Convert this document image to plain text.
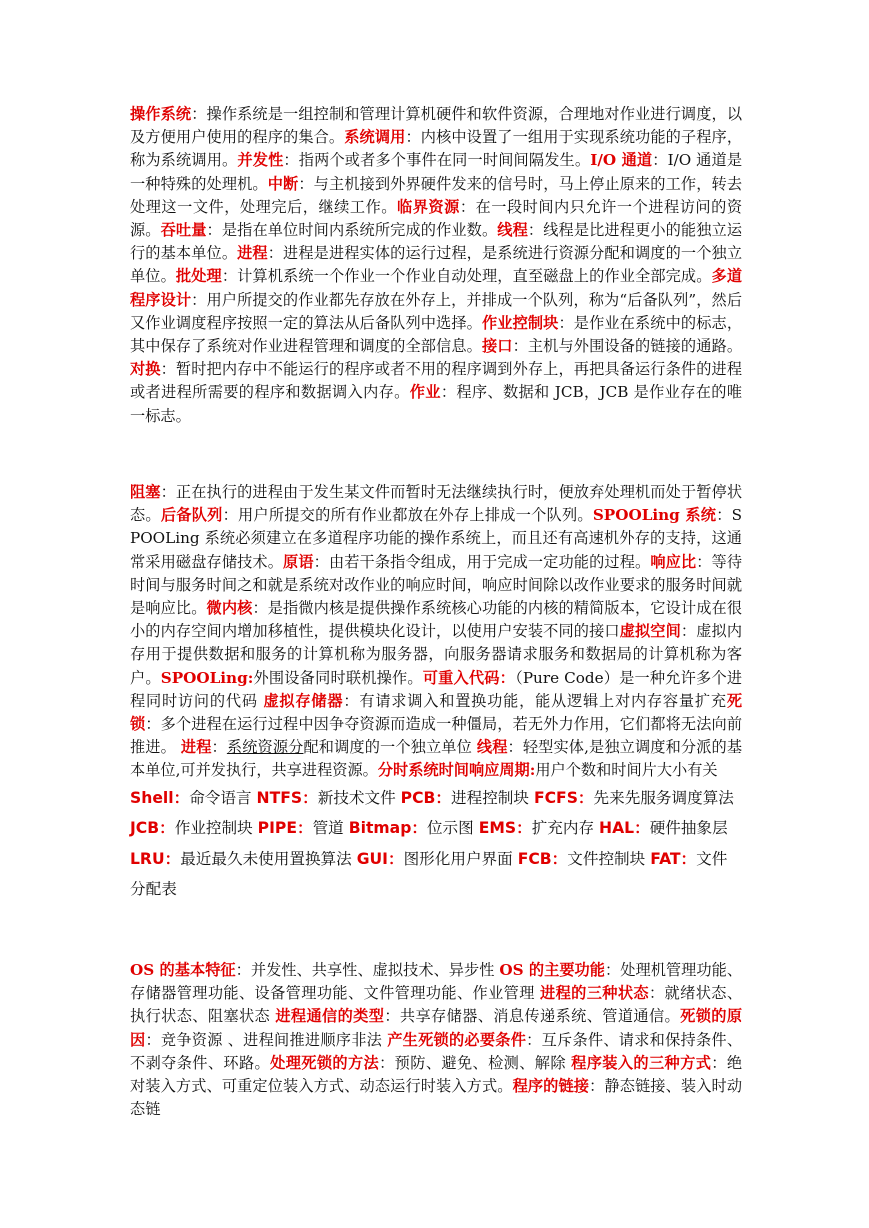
操作系统：操作系统是一组控制和管理计算机硬件和软件资源，合理地对作业进行调度，以及方便用户使用的程序的集合。系统调用：内核中设置了一组用于实现系统功能的子程序，称为系统调用。并发性：指两个或者多个事件在同一时间间隔发生。I/O 通道：I/O 通道是一种特殊的处理机。中断：与主机接到外界硬件发来的信号时，马上停止原来的工作，转去处理这一文件，处理完后，继续工作。临界资源：在一段时间内只允许一个进程访问的资源。吞吐量：是指在单位时间内系统所完成的作业数。线程：线程是比进程更小的能独立运行的基本单位。进程：进程是进程实体的运行过程，是系统进行资源分配和调度的一个独立单位。批处理：计算机系统一个作业一个作业自动处理，直至磁盘上的作业全部完成。多道程序设计：用户所提交的作业都先存放在外存上，并排成一个队列，称为“后备队列”，然后又作业调度程序按照一定的算法从后备队列中选择。作业控制块：是作业在系统中的标志，其中保存了系统对作业进程管理和调度的全部信息。接口：主机与外围设备的链接的通路。对换：暂时把内存中不能运行的程序或者不用的程序调到外存上，再把具备运行条件的进程或者进程所需要的程序和数据调入内存。作业：程序、数据和 JCB，JCB 是作业存在的唯一标志。

阻塞：正在执行的进程由于发生某文件而暂时无法继续执行时，便放弃处理机而处于暂停状态。后备队列：用户所提交的所有作业都放在外存上排成一个队列。SPOOLing 系统：SPOOLing 系统必须建立在多道程序功能的操作系统上，而且还有高速机外存的支持，这通常采用磁盘存储技术。原语：由若干条指令组成，用于完成一定功能的过程。响应比：等待时间与服务时间之和就是系统对改作业的响应时间，响应时间除以改作业要求的服务时间就是响应比。微内核：是指微内核是提供操作系统核心功能的内核的精简版本，它设计成在很小的内存空间内增加移植性，提供模块化设计，以使用户安装不同的接口虚拟空间：虚拟内存用于提供数据和服务的计算机称为服务器，向服务器请求服务和数据局的计算机称为客户。SPOOLing:外围设备同时联机操作。可重入代码：（Pure Code）是一种允许多个进程同时访问的代码 虚拟存储器：有请求调入和置换功能，能从逻辑上对内存容量扩充死锁：多个进程在运行过程中因争夺资源而造成一种僵局，若无外力作用，它们都将无法向前推进。 进程：系统资源分配和调度的一个独立单位 线程：轻型实体,是独立调度和分派的基本单位,可并发执行，共享进程资源。分时系统时间响应周期:用户个数和时间片大小有关

Shell：命令语言 NTFS：新技术文件 PCB：进程控制块 FCFS：先来先服务调度算法 JCB：作业控制块 PIPE：管道 Bitmap：位示图 EMS：扩充内存 HAL：硬件抽象层 LRU：最近最久未使用置换算法 GUI：图形化用户界面 FCB：文件控制块 FAT：文件分配表

OS 的基本特征：并发性、共享性、虚拟技术、异步性 OS 的主要功能：处理机管理功能、存储器管理功能、设备管理功能、文件管理功能、作业管理 进程的三种状态：就绪状态、执行状态、阻塞状态 进程通信的类型：共享存储器、消息传递系统、管道通信。死锁的原因：竞争资源 、进程间推进顺序非法 产生死锁的必要条件：互斥条件、请求和保持条件、不剥夺条件、环路。处理死锁的方法：预防、避免、检测、解除 程序装入的三种方式：绝对装入方式、可重定位装入方式、动态运行时装入方式。程序的链接：静态链接、装入时动态链
